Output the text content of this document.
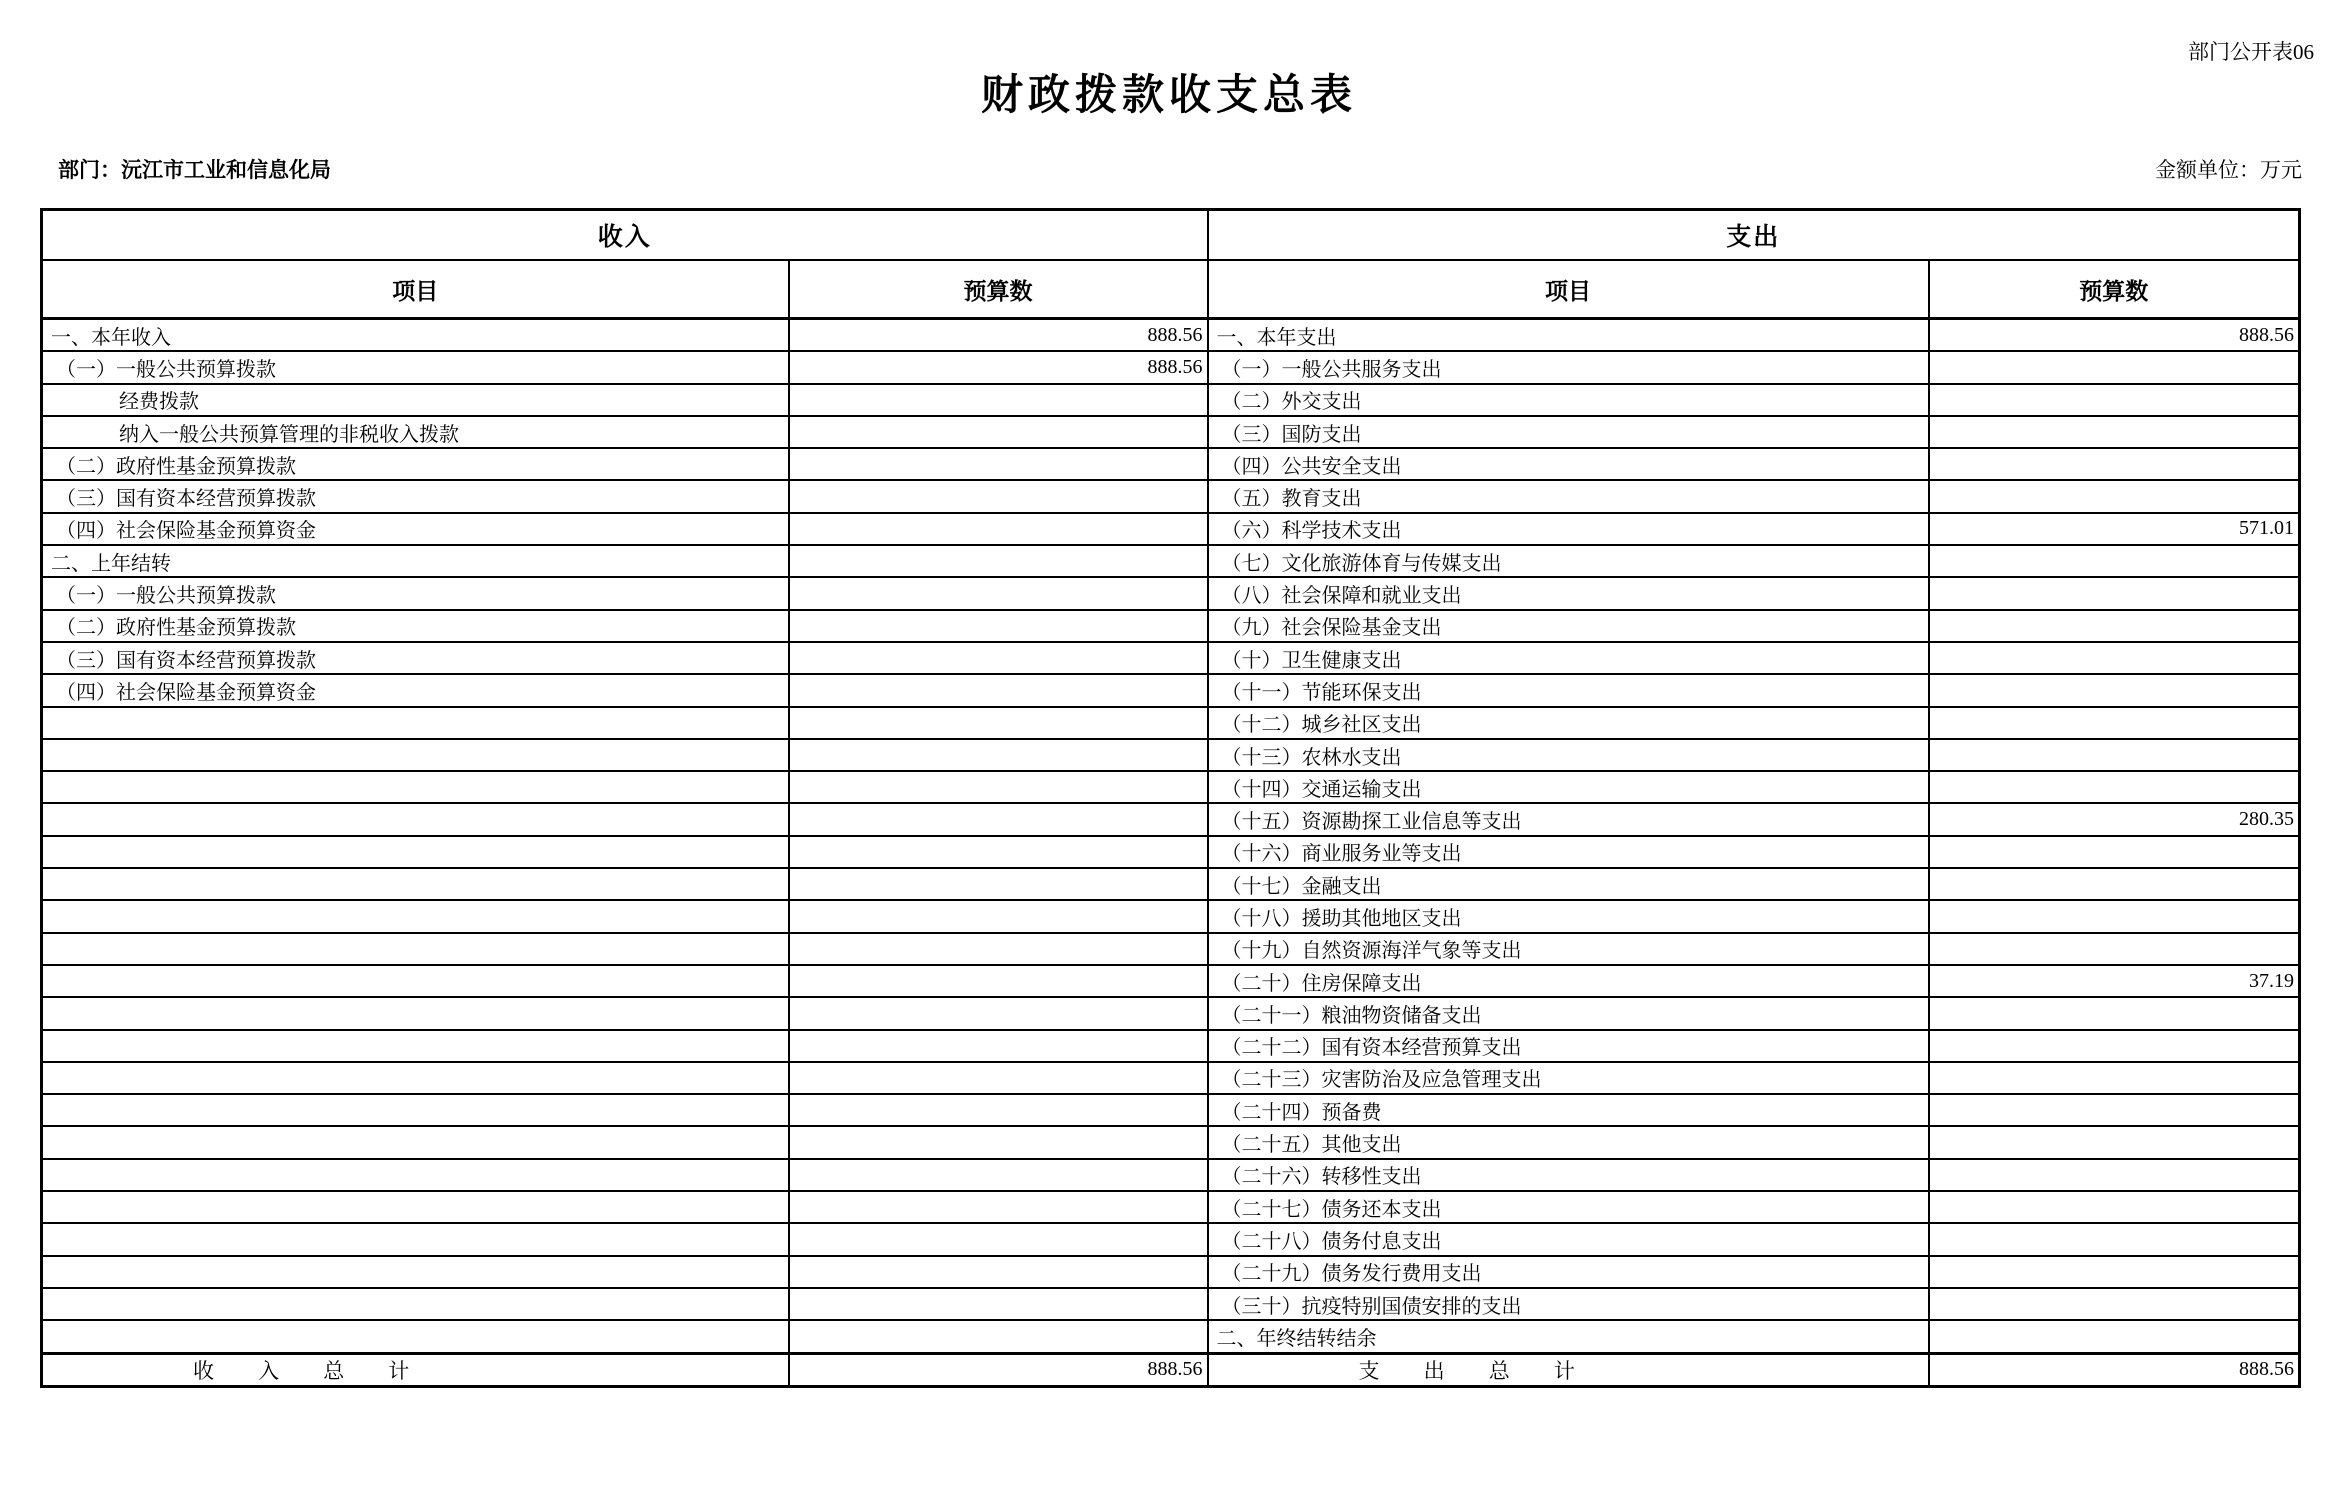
部门公开表06
财政拨款收支总表
部门：沅江市工业和信息化局	金额单位：万元
收入		支出	
项目	预算数	项目	预算数
一、本年收入	888.56	一、本年支出	888.56
（一）一般公共预算拨款	888.56	（一）一般公共服务支出	
经费拨款		（二）外交支出	
纳入一般公共预算管理的非税收入拨款		（三）国防支出	
（二）政府性基金预算拨款		（四）公共安全支出	
（三）国有资本经营预算拨款		（五）教育支出	
（四）社会保险基金预算资金		（六）科学技术支出	571.01
二、上年结转		（七）文化旅游体育与传媒支出	
（一）一般公共预算拨款		（八）社会保障和就业支出	
（二）政府性基金预算拨款		（九）社会保险基金支出	
（三）国有资本经营预算拨款		（十）卫生健康支出	
（四）社会保险基金预算资金		（十一）节能环保支出	
		（十二）城乡社区支出	
		（十三）农林水支出	
		（十四）交通运输支出	
		（十五）资源勘探工业信息等支出	280.35
		（十六）商业服务业等支出	
		（十七）金融支出	
		（十八）援助其他地区支出	
		（十九）自然资源海洋气象等支出	
		（二十）住房保障支出	37.19
		（二十一）粮油物资储备支出	
		（二十二）国有资本经营预算支出	
		（二十三）灾害防治及应急管理支出	
		（二十四）预备费	
		（二十五）其他支出	
		（二十六）转移性支出	
		（二十七）债务还本支出	
		（二十八）债务付息支出	
		（二十九）债务发行费用支出	
		（三十）抗疫特别国债安排的支出	
		二、年终结转结余	
收入总计	888.56	支出总计	888.56
